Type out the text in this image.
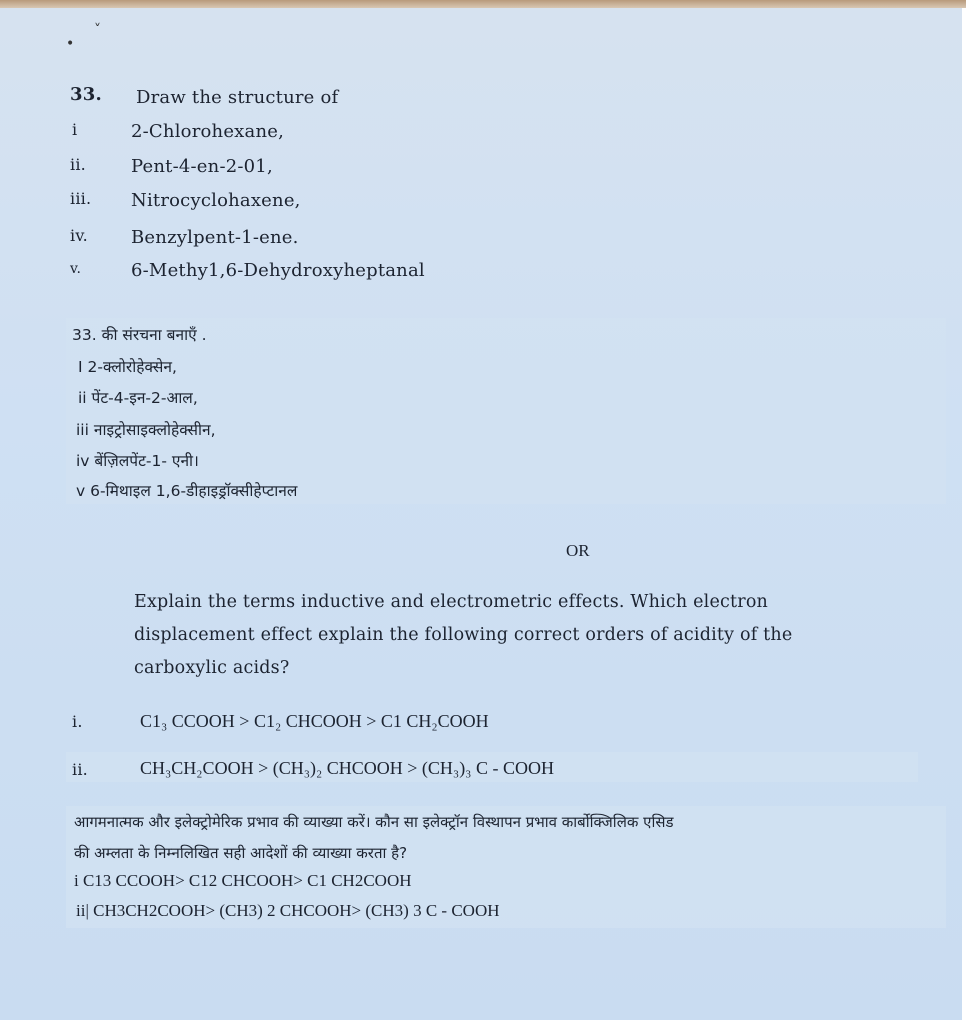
•
˅
33. Draw the structure of
i	2-Chlorohexane,
ii.	Pent-4-en-2-01,
iii. Nitrocyclohaxene,
iv. Benzylpent-1-ene.
v.	6-Methy1,6-Dehydroxyheptanal
33. की संरचना बनाएँ .
I 2-क्लोरोहेक्सेन,
ii पेंट-4-इन-2-आल,
iii नाइट्रोसाइक्लोहेक्सीन,
iv बेंज़िलपेंट-1- एनी।
v 6-मिथाइल 1,6-डीहाइड्रॉक्सीहेप्टानल
OR
Explain the terms inductive and electrometric effects. Which electron
displacement effect explain the following correct orders of acidity of the
carboxylic acids?
i.	C1₃ CCOOH > C1₂ CHCOOH > C1 CH₂COOH
ii.	CH₃CH₂COOH > (CH₃)₂ CHCOOH > (CH₃)₃ C - COOH
आगमनात्मक और इलेक्ट्रोमेरिक प्रभाव की व्याख्या करें। कौन सा इलेक्ट्रॉन विस्थापन प्रभाव कार्बोक्जिलिक एसिड
की अम्लता के निम्नलिखित सही आदेशों की व्याख्या करता है?
i C13 CCOOH> C12 CHCOOH> C1 CH2COOH
ii| CH3CH2COOH> (CH3) 2 CHCOOH> (CH3) 3 C - COOH
